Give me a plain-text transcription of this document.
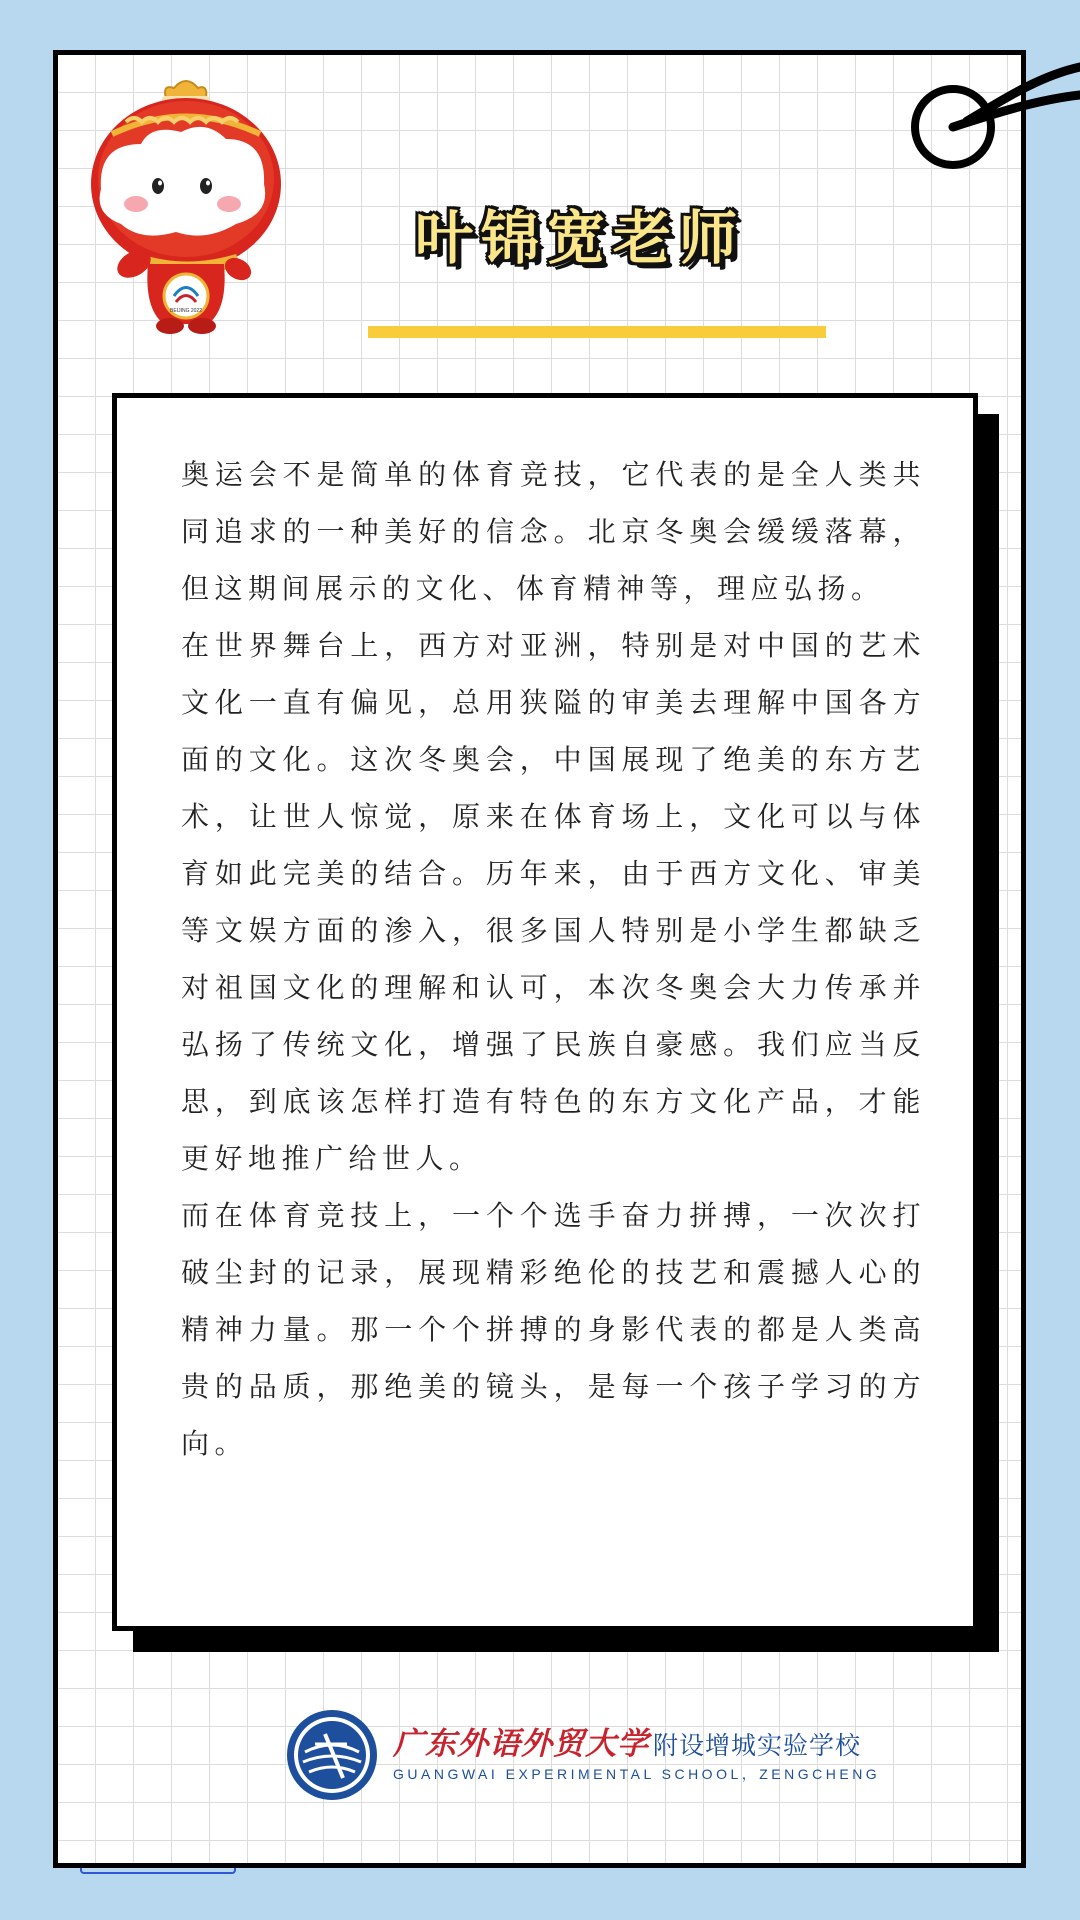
BEIJING 2022
叶锦宽老师

奥运会不是简单的体育竞技，它代表的是全人类共同追求的一种美好的信念。北京冬奥会缓缓落幕，但这期间展示的文化、体育精神等，理应弘扬。

在世界舞台上，西方对亚洲，特别是对中国的艺术文化一直有偏见，总用狭隘的审美去理解中国各方面的文化。这次冬奥会，中国展现了绝美的东方艺术，让世人惊觉，原来在体育场上，文化可以与体育如此完美的结合。历年来，由于西方文化、审美等文娱方面的渗入，很多国人特别是小学生都缺乏对祖国文化的理解和认可，本次冬奥会大力传承并弘扬了传统文化，增强了民族自豪感。我们应当反思，到底该怎样打造有特色的东方文化产品，才能更好地推广给世人。

而在体育竞技上，一个个选手奋力拼搏，一次次打破尘封的记录，展现精彩绝伦的技艺和震撼人心的精神力量。那一个个拼搏的身影代表的都是人类高贵的品质，那绝美的镜头，是每一个孩子学习的方向。

广东外语外贸大学 附设增城实验学校
GUANGWAI EXPERIMENTAL SCHOOL，ZENGCHENG
